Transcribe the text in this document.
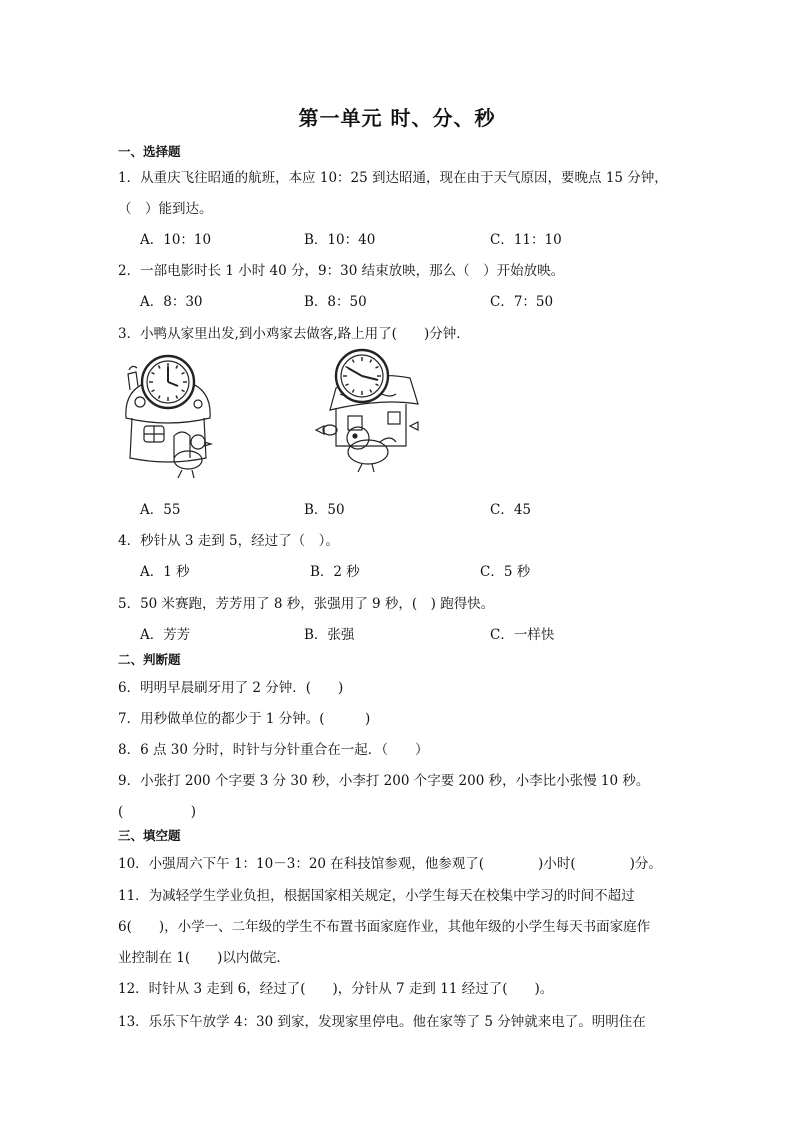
第一单元 时、分、秒
一、选择题
1．从重庆飞往昭通的航班，本应 10：25 到达昭通，现在由于天气原因，要晚点 15 分钟，
（　）能到达。
A．10：10	B．10：40	C．11：10
2．一部电影时长 1 小时 40 分，9：30 结束放映，那么（　）开始放映。
A．8：30	B．8：50	C．7：50
3．小鸭从家里出发,到小鸡家去做客,路上用了(　　)分钟．
A．55	B．50	C．45
4．秒针从 3 走到 5，经过了（　）。
A．1 秒	B．2 秒	C．5 秒
5．50 米赛跑，芳芳用了 8 秒，张强用了 9 秒，(　) 跑得快。
A．芳芳	B．张强	C．一样快
二、判断题
6．明明早晨刷牙用了 2 分钟．(　　)
7．用秒做单位的都少于 1 分钟。(　　　)
8．6 点 30 分时，时针与分针重合在一起．（　　）
9．小张打 200 个字要 3 分 30 秒，小李打 200 个字要 200 秒，小李比小张慢 10 秒。
(　　　　　)
三、填空题
10．小强周六下午 1：10－3：20 在科技馆参观，他参观了(　　　　)小时(　　　　)分。
11．为减轻学生学业负担，根据国家相关规定，小学生每天在校集中学习的时间不超过
6(　　)，小学一、二年级的学生不布置书面家庭作业，其他年级的小学生每天书面家庭作
业控制在 1(　　)以内做完．
12．时针从 3 走到 6，经过了(　　)，分针从 7 走到 11 经过了(　　)。
13．乐乐下午放学 4：30 到家，发现家里停电。他在家等了 5 分钟就来电了。明明住在
